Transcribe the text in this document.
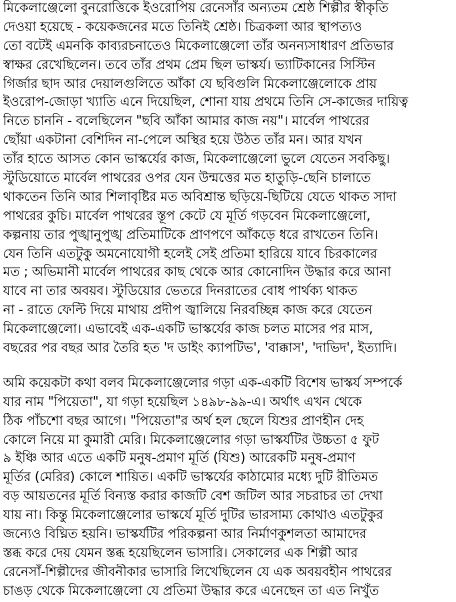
মিকেলাঞ্জেলো বুনরোত্তিকে ইওরোপিয় রেনেসাঁর অন্যতম শ্রেষ্ঠ শিল্পীর স্বীকৃতি
দেওয়া হয়েছে - কয়েকজনের মতে তিনিই শ্রেষ্ঠ। চিত্রকলা আর স্থাপত্যও
তো বটেই এমনকি কাব্যরচনাতেও মিকেলাঞ্জেলো তাঁর অনন্যসাধারণ প্রতিভার
স্বাক্ষর রেখেছিলেন। তবে তাঁর প্রথম প্রেম ছিল ভাস্কর্য। ভ্যাটিকানের সিস্টিন
গির্জার ছাদ আর দেয়ালগুলিতে আঁকা যে ছবিগুলি মিকেলাঞ্জেলোকে প্রায়
ইওরোপ-জোড়া খ্যাতি এনে দিয়েছিল, শোনা যায় প্রথমে তিনি সে-কাজের দায়িত্ব
নিতে চাননি - বলেছিলেন "ছবি আঁকা আমার কাজ নয়"। মার্বেল পাথরের
ছোঁয়া একটানা বেশিদিন না-পেলে অস্থির হয়ে উঠত তাঁর মন। আর যখন
তাঁর হাতে আসত কোন ভাস্কর্যের কাজ, মিকেলাঞ্জেলো ভুলে যেতেন সবকিছু।
স্টুডিয়োতে মার্বেল পাথরের ওপর যেন উন্মত্তের মত হাতুড়ি-ছেনি চালাতে
থাকতেন তিনি আর শিলাবৃষ্টির মত অবিশ্রান্ত ছড়িয়ে-ছিটিয়ে যেতে থাকত সাদা
পাথরের কুচি। মার্বেল পাথরের স্তূপ কেটে যে মূর্তি গড়বেন মিকেলাঞ্জেলো,
কল্পনায় তার পুঙ্খানুপুঙ্খ প্রতিমাটিকে প্রাণপণে আঁকড়ে ধরে রাখতেন তিনি।
যেন তিনি এতটুকু অমনোযোগী হলেই সেই প্রতিমা হারিয়ে যাবে চিরকালের
মত ; অভিমানী মার্বেল পাথরের কাছ থেকে আর কোনোদিন উদ্ধার করে আনা
যাবে না তার অবয়ব। স্টুডিয়োর ভেতরে দিনরাতের বোধ পার্থক্য থাকত
না - রাতে ফেল্টি দিয়ে মাথায় প্রদীপ জ্বালিয়ে নিরবচ্ছিন্ন কাজ করে যেতেন
মিকেলাঞ্জেলো। এভাবেই এক-একটি ভাস্কর্যের কাজ চলত মাসের পর মাস,
বছরের পর বছর আর তৈরি হত 'দ ডাইং ক্যাপটিভ', 'বাক্কাস', 'দাভিদ', ইত্যাদি।
অমি কয়েকটা কথা বলব মিকেলাঞ্জেলোর গড়া এক-একটি বিশেষ ভাস্কর্য সম্পর্কে
যার নাম "পিয়েতা", যা গড়া হয়েছিল ১৪৯৮-৯৯-এ। অর্থাৎ এখন থেকে
ঠিক পাঁচশো বছর আগে। "পিয়েতা"র অর্থ হল ছেলে যিশুর প্রাণহীন দেহ
কোলে নিয়ে মা কুমারী মেরি। মিকেলাঞ্জেলোর গড়া ভাস্কর্যটির উচ্চতা ৫ ফুট
৯ ইঞ্চি আর এতে একটি মনুষ-প্রমাণ মূর্তি (যিশু) আরেকটি মনুষ-প্রমাণ
মূর্তির (মেরির) কোলে শায়িত। একটি ভাস্কর্যের কাঠামোর মধ্যে দুটি রীতিমত
বড় আয়তনের মূর্তি বিন্যস্ত করার কাজটি বেশ জটিল আর সচরাচর তা দেখা
যায় না। কিন্তু মিকেলাঞ্জেলোর ভাস্কর্যে মূর্তি দুটির ভারসাম্য কোথাও এতটুকুর
জন্যেও বিঘ্নিত হয়নি। ভাস্কর্যটির পরিকল্পনা আর নির্মাণকুশলতা আমাদের
স্তব্ধ করে দেয় যেমন স্তব্ধ হয়েছিলেন ভাসারি। সেকালের এক শিল্পী আর
রেনেসাঁ-শিল্পীদের জীবনীকার ভাসারি লিখেছিলেন যে এক অবয়বহীন পাথরের
চাঙড় থেকে মিকেলাঞ্জেলো যে প্রতিমা উদ্ধার করে এনেছেন তা এত নিখুঁত
